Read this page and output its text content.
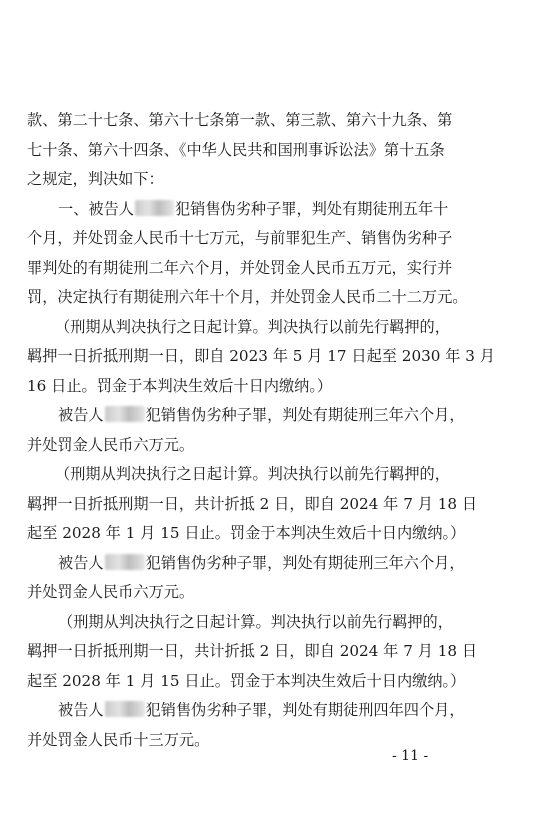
款、第二十七条、第六十七条第一款、第三款、第六十九条、第
七十条、第六十四条、《中华人民共和国刑事诉讼法》第十五条
之规定，判决如下：
一、被告人	犯销售伪劣种子罪，判处有期徒刑五年十
个月，并处罚金人民币十七万元，与前罪犯生产、销售伪劣种子
罪判处的有期徒刑二年六个月，并处罚金人民币五万元，实行并
罚，决定执行有期徒刑六年十个月，并处罚金人民币二十二万元。
（刑期从判决执行之日起计算。判决执行以前先行羁押的，
羁押一日折抵刑期一日，即自 2023 年 5 月 17 日起至 2030 年 3 月
16 日止。罚金于本判决生效后十日内缴纳。）
被告人	犯销售伪劣种子罪，判处有期徒刑三年六个月，
并处罚金人民币六万元。
（刑期从判决执行之日起计算。判决执行以前先行羁押的，
羁押一日折抵刑期一日，共计折抵 2 日，即自 2024 年 7 月 18 日
起至 2028 年 1 月 15 日止。罚金于本判决生效后十日内缴纳。）
被告人	犯销售伪劣种子罪，判处有期徒刑三年六个月，
并处罚金人民币六万元。
（刑期从判决执行之日起计算。判决执行以前先行羁押的，
羁押一日折抵刑期一日，共计折抵 2 日，即自 2024 年 7 月 18 日
起至 2028 年 1 月 15 日止。罚金于本判决生效后十日内缴纳。）
被告人	犯销售伪劣种子罪，判处有期徒刑四年四个月，
并处罚金人民币十三万元。
- 11 -
